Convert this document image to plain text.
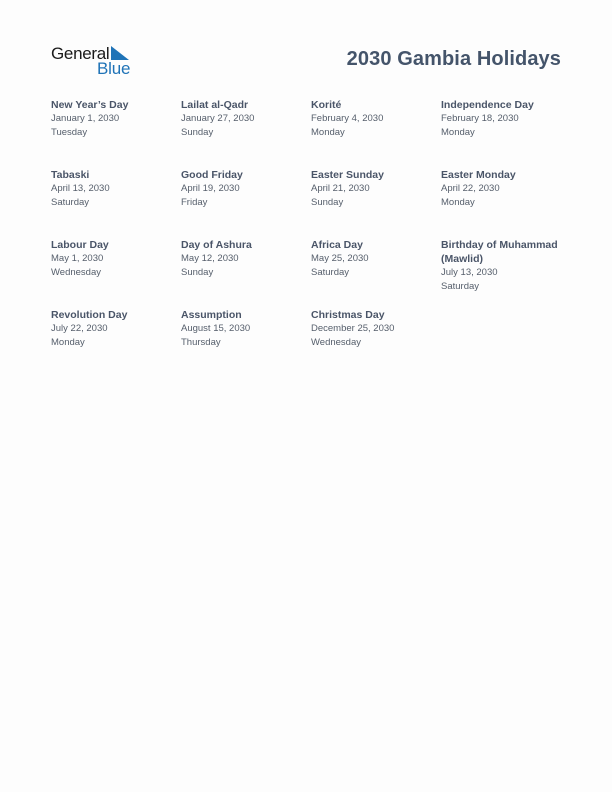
General
Blue	2030 Gambia Holidays
New Year’s Day
January 1, 2030
Tuesday
Lailat al-Qadr
January 27, 2030
Sunday
Korité
February 4, 2030
Monday
Independence Day
February 18, 2030
Monday
Tabaski
April 13, 2030
Saturday
Good Friday
April 19, 2030
Friday
Easter Sunday
April 21, 2030
Sunday
Easter Monday
April 22, 2030
Monday
Labour Day
May 1, 2030
Wednesday
Day of Ashura
May 12, 2030
Sunday
Africa Day
May 25, 2030
Saturday
Birthday of Muhammad (Mawlid)
July 13, 2030
Saturday
Revolution Day
July 22, 2030
Monday
Assumption
August 15, 2030
Thursday
Christmas Day
December 25, 2030
Wednesday
